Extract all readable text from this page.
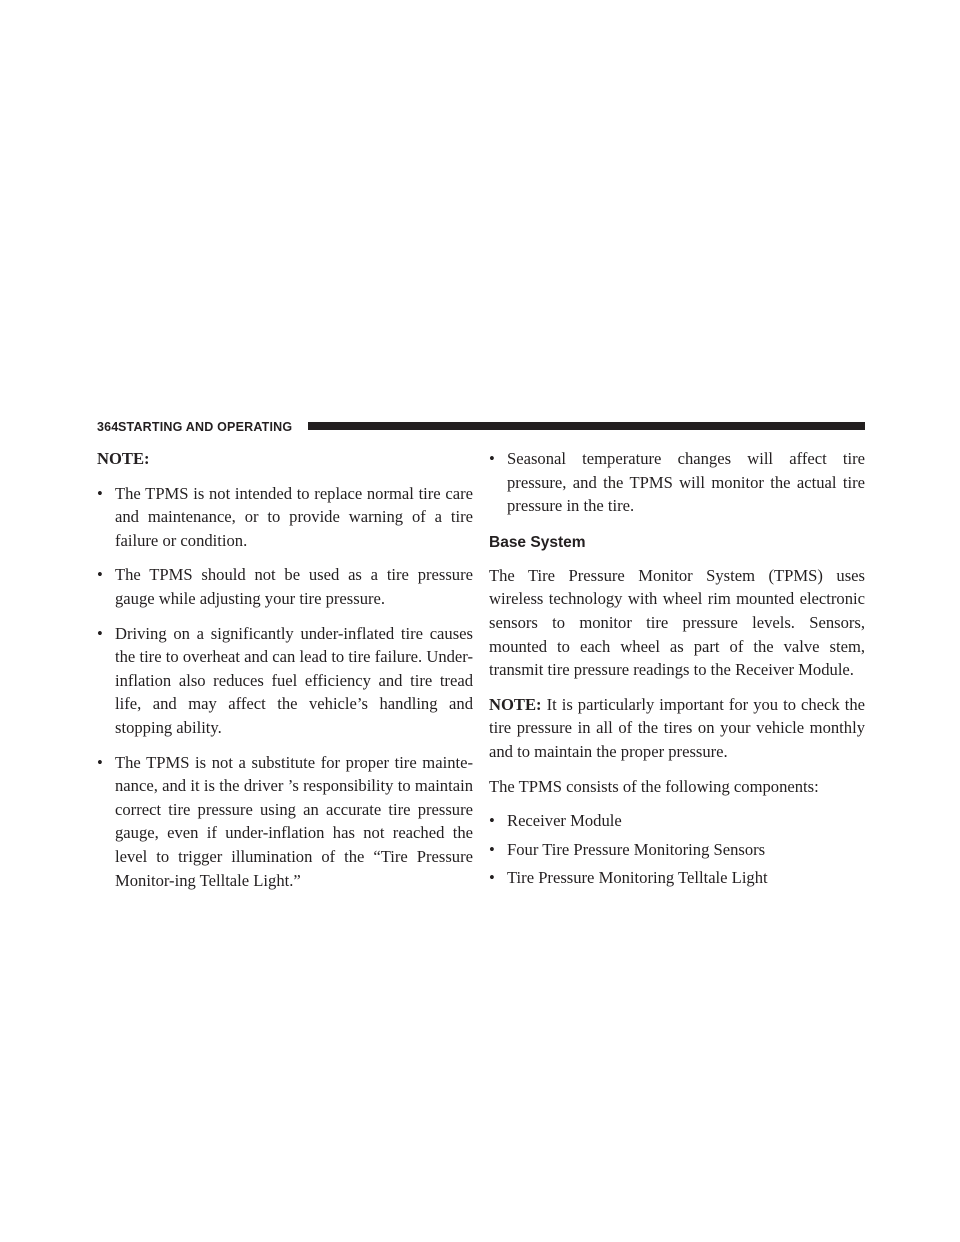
364 STARTING AND OPERATING
NOTE:
• The TPMS is not intended to replace normal tire care and maintenance, or to provide warning of a tire failure or condition.
• The TPMS should not be used as a tire pressure gauge while adjusting your tire pressure.
• Driving on a significantly under-inflated tire causes the tire to overheat and can lead to tire failure. Under-inflation also reduces fuel efficiency and tire tread life, and may affect the vehicle’s handling and stopping ability.
• The TPMS is not a substitute for proper tire mainte-nance, and it is the driver ’s responsibility to maintain correct tire pressure using an accurate tire pressure gauge, even if under-inflation has not reached the level to trigger illumination of the “Tire Pressure Monitor-ing Telltale Light.”
• Seasonal temperature changes will affect tire pressure, and the TPMS will monitor the actual tire pressure in the tire.
Base System
The Tire Pressure Monitor System (TPMS) uses wireless technology with wheel rim mounted electronic sensors to monitor tire pressure levels. Sensors, mounted to each wheel as part of the valve stem, transmit tire pressure readings to the Receiver Module.
NOTE: It is particularly important for you to check the tire pressure in all of the tires on your vehicle monthly and to maintain the proper pressure.
The TPMS consists of the following components:
• Receiver Module
• Four Tire Pressure Monitoring Sensors
• Tire Pressure Monitoring Telltale Light
